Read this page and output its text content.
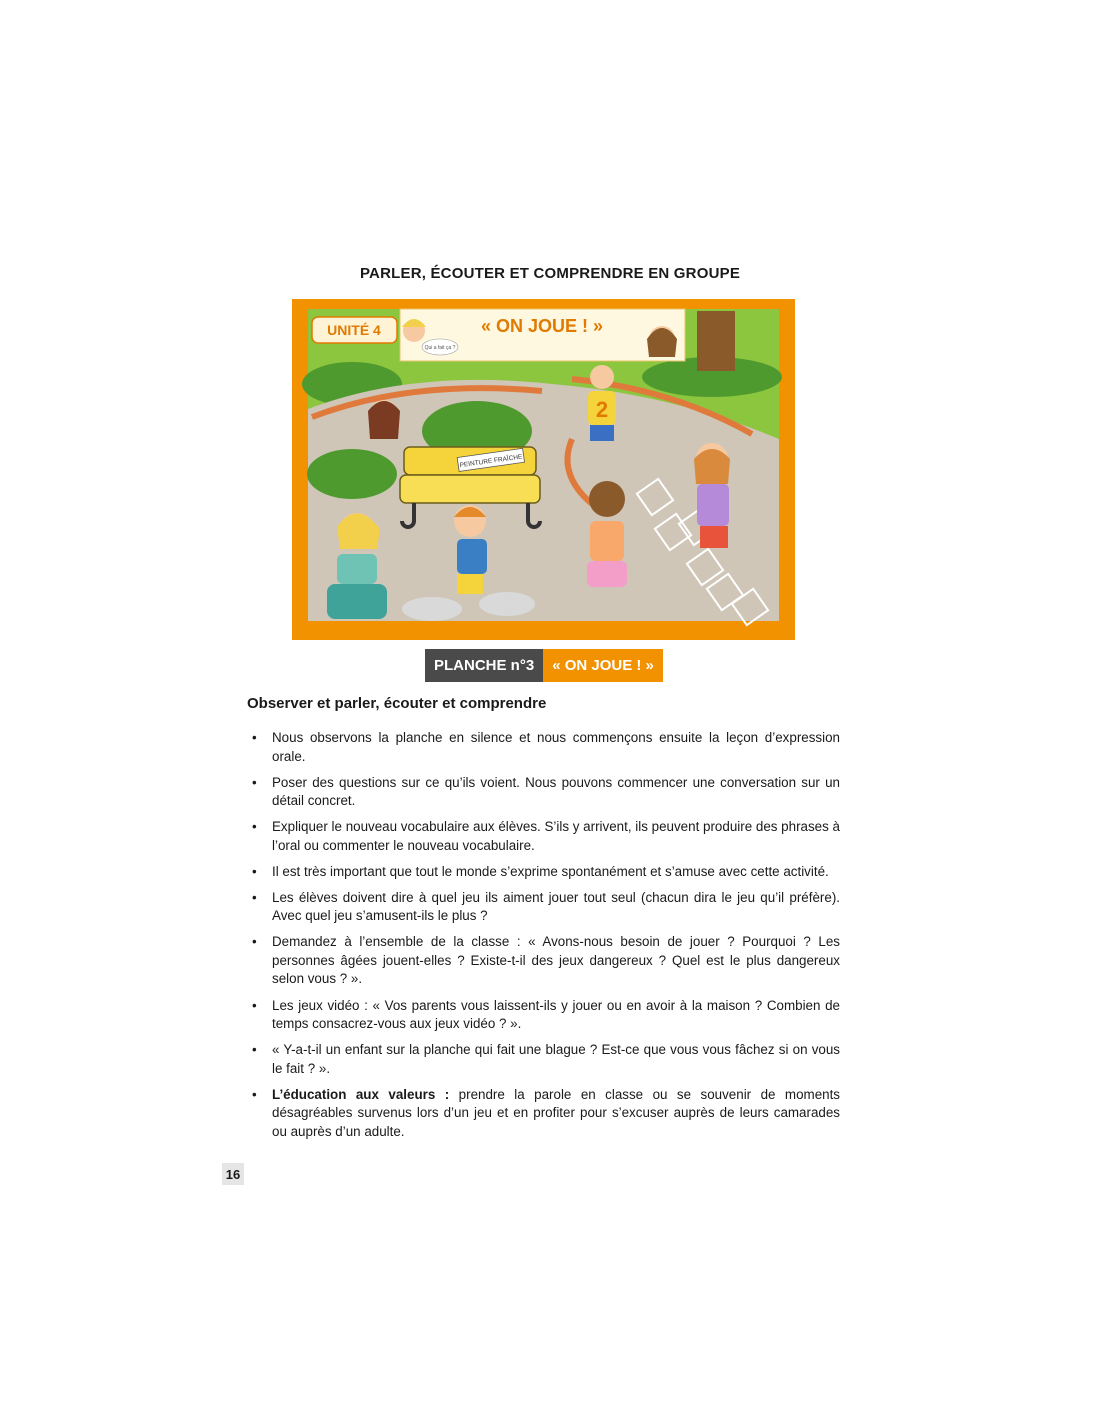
PARLER, ÉCOUTER ET COMPRENDRE EN GROUPE
PEINTURE FRAÎCHE
2
UNITÉ 4	« ON JOUE ! »
Qui a fait ça ?
PLANCHE n°3	« ON JOUE ! »
Observer et parler, écouter et comprendre
• Nous observons la planche en silence et nous commençons ensuite la leçon d’expression orale.
• Poser des questions sur ce qu’ils voient. Nous pouvons commencer une conversation sur un détail concret.
• Expliquer le nouveau vocabulaire aux élèves. S’ils y arrivent, ils peuvent produire des phrases à l’oral ou commenter le nouveau vocabulaire.
• Il est très important que tout le monde s’exprime spontanément et s’amuse avec cette activité.
• Les élèves doivent dire à quel jeu ils aiment jouer tout seul (chacun dira le jeu qu’il préfère). Avec quel jeu s’amusent-ils le plus ?
• Demandez à l’ensemble de la classe : « Avons-nous besoin de jouer ? Pourquoi ? Les personnes âgées jouent-elles ? Existe-t-il des jeux dangereux ? Quel est le plus dangereux selon vous ? ».
• Les jeux vidéo : « Vos parents vous laissent-ils y jouer ou en avoir à la maison ? Combien de temps consacrez-vous aux jeux vidéo ? ».
• « Y-a-t-il un enfant sur la planche qui fait une blague ? Est-ce que vous vous fâchez si on vous le fait ? ».
• L’éducation aux valeurs : prendre la parole en classe ou se souvenir de moments désagréables survenus lors d’un jeu et en profiter pour s’excuser auprès de leurs camarades ou auprès d’un adulte.
16
